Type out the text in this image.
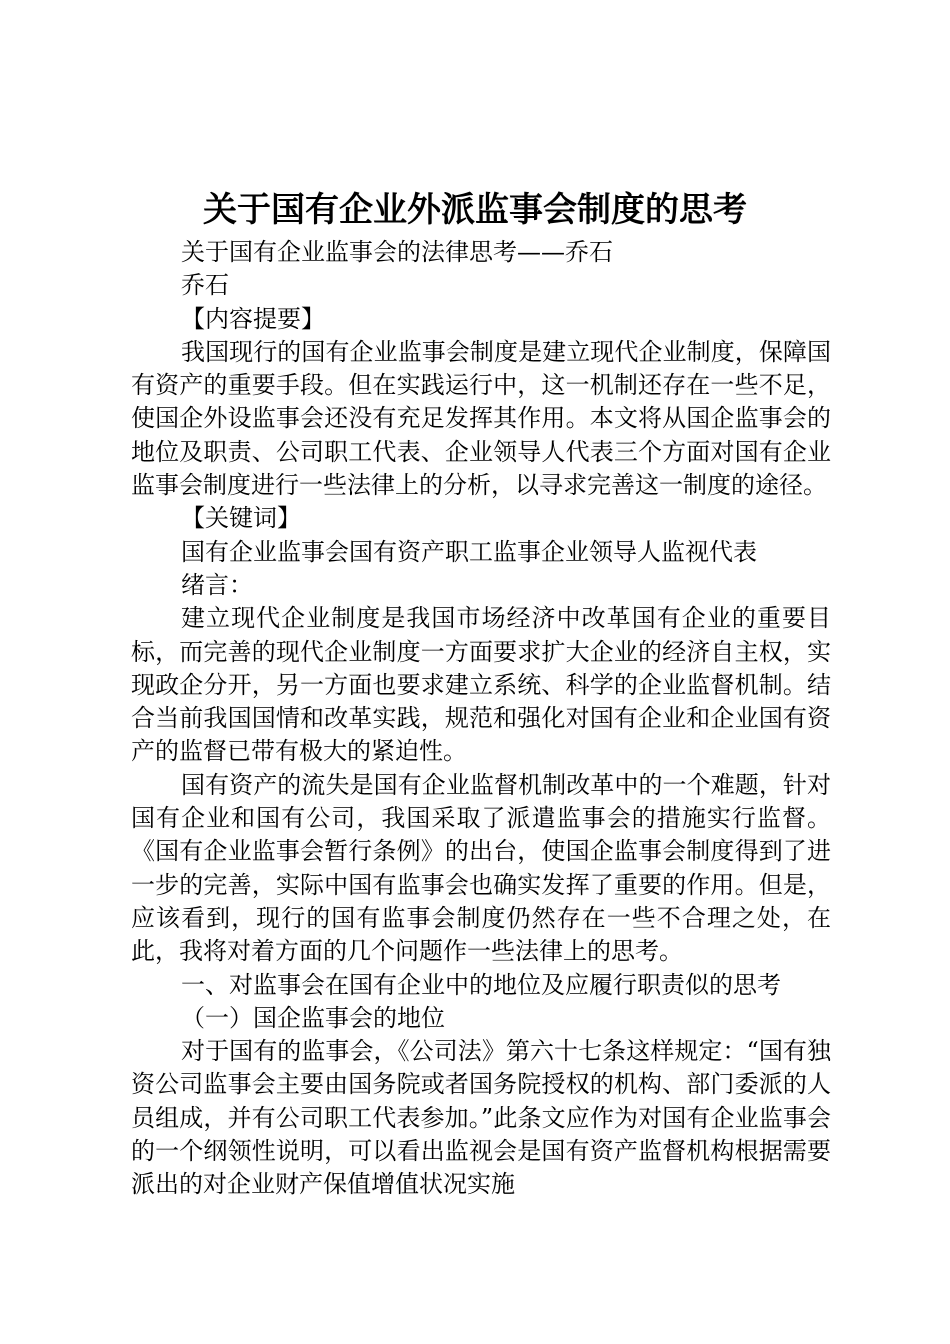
关于国有企业外派监事会制度的思考

关于国有企业监事会的法律思考——乔石

乔石

【内容提要】

我国现行的国有企业监事会制度是建立现代企业制度，保障国有资产的重要手段。但在实践运行中，这一机制还存在一些不足，使国企外设监事会还没有充足发挥其作用。本文将从国企监事会的地位及职责、公司职工代表、企业领导人代表三个方面对国有企业监事会制度进行一些法律上的分析，以寻求完善这一制度的途径。

【关键词】

国有企业监事会国有资产职工监事企业领导人监视代表

绪言：

建立现代企业制度是我国市场经济中改革国有企业的重要目标，而完善的现代企业制度一方面要求扩大企业的经济自主权，实现政企分开，另一方面也要求建立系统、科学的企业监督机制。结合当前我国国情和改革实践，规范和强化对国有企业和企业国有资产的监督已带有极大的紧迫性。

国有资产的流失是国有企业监督机制改革中的一个难题，针对国有企业和国有公司，我国采取了派遣监事会的措施实行监督。《国有企业监事会暂行条例》的出台，使国企监事会制度得到了进一步的完善，实际中国有监事会也确实发挥了重要的作用。但是，应该看到，现行的国有监事会制度仍然存在一些不合理之处，在此，我将对着方面的几个问题作一些法律上的思考。

一、对监事会在国有企业中的地位及应履行职责似的思考

（一）国企监事会的地位

对于国有的监事会，《公司法》第六十七条这样规定：“国有独资公司监事会主要由国务院或者国务院授权的机构、部门委派的人员组成，并有公司职工代表参加。”此条文应作为对国有企业监事会的一个纲领性说明，可以看出监视会是国有资产监督机构根据需要派出的对企业财产保值增值状况实施
